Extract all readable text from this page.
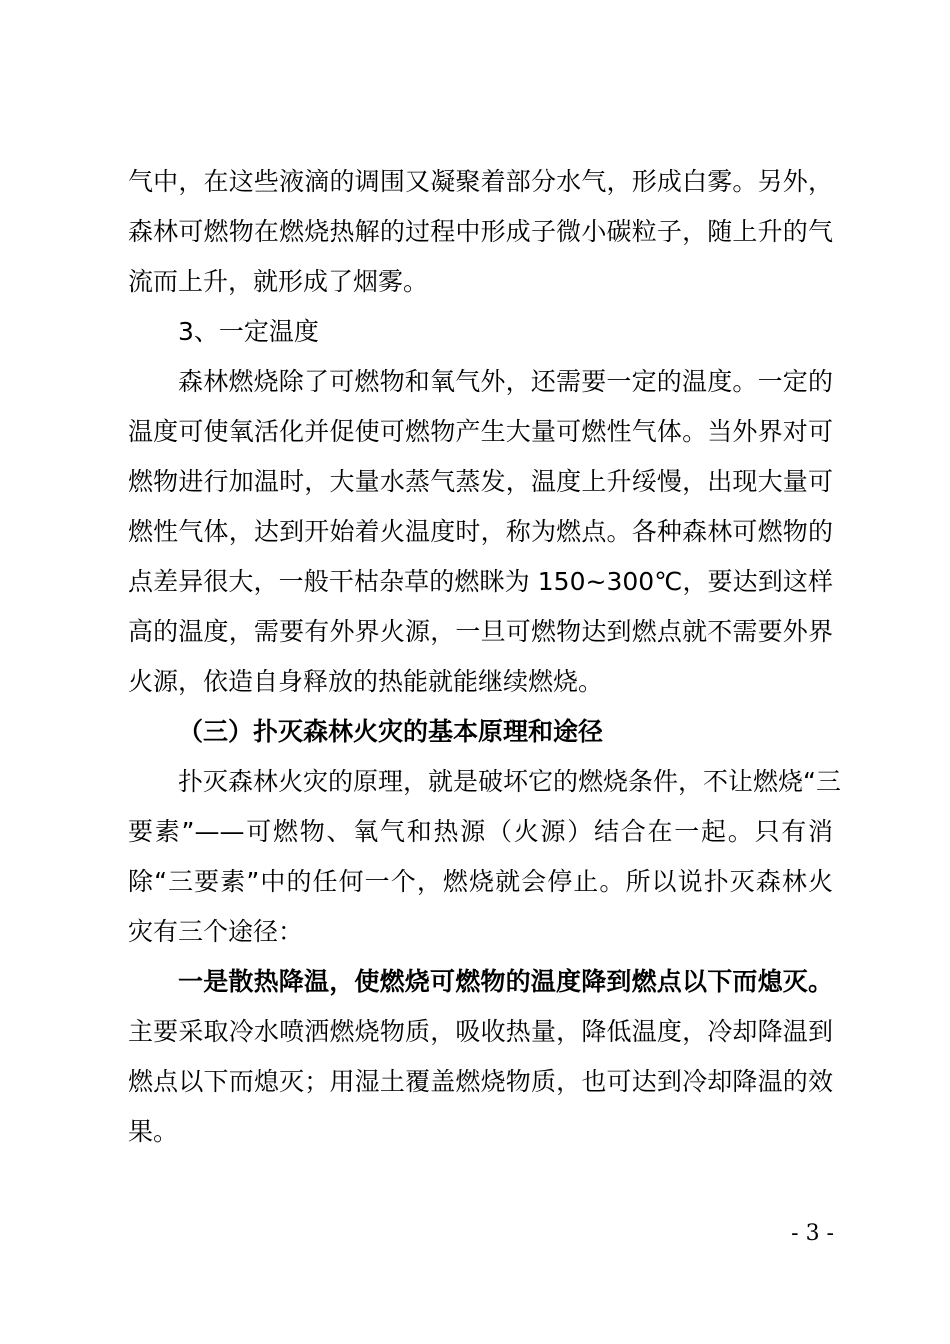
气中，在这些液滴的调围又凝聚着部分水气，形成白雾。另外，
森林可燃物在燃烧热解的过程中形成子微小碳粒子，随上升的气
流而上升，就形成了烟雾。
3、一定温度
森林燃烧除了可燃物和氧气外，还需要一定的温度。一定的
温度可使氧活化并促使可燃物产生大量可燃性气体。当外界对可
燃物进行加温时，大量水蒸气蒸发，温度上升绥慢，出现大量可
燃性气体，达到开始着火温度时，称为燃点。各种森林可燃物的
点差异很大，一般干枯杂草的燃眯为 150~300℃，要达到这样
高的温度，需要有外界火源，一旦可燃物达到燃点就不需要外界
火源，依造自身释放的热能就能继续燃烧。
（三）扑灭森林火灾的基本原理和途径
扑灭森林火灾的原理，就是破坏它的燃烧条件，不让燃烧“三
要素”——可燃物、氧气和热源（火源）结合在一起。只有消
除“三要素”中的任何一个，燃烧就会停止。所以说扑灭森林火
灾有三个途径：
一是散热降温，使燃烧可燃物的温度降到燃点以下而熄灭。
主要采取冷水喷洒燃烧物质，吸收热量，降低温度，冷却降温到
燃点以下而熄灭；用湿土覆盖燃烧物质，也可达到冷却降温的效
果。
- 3 -
